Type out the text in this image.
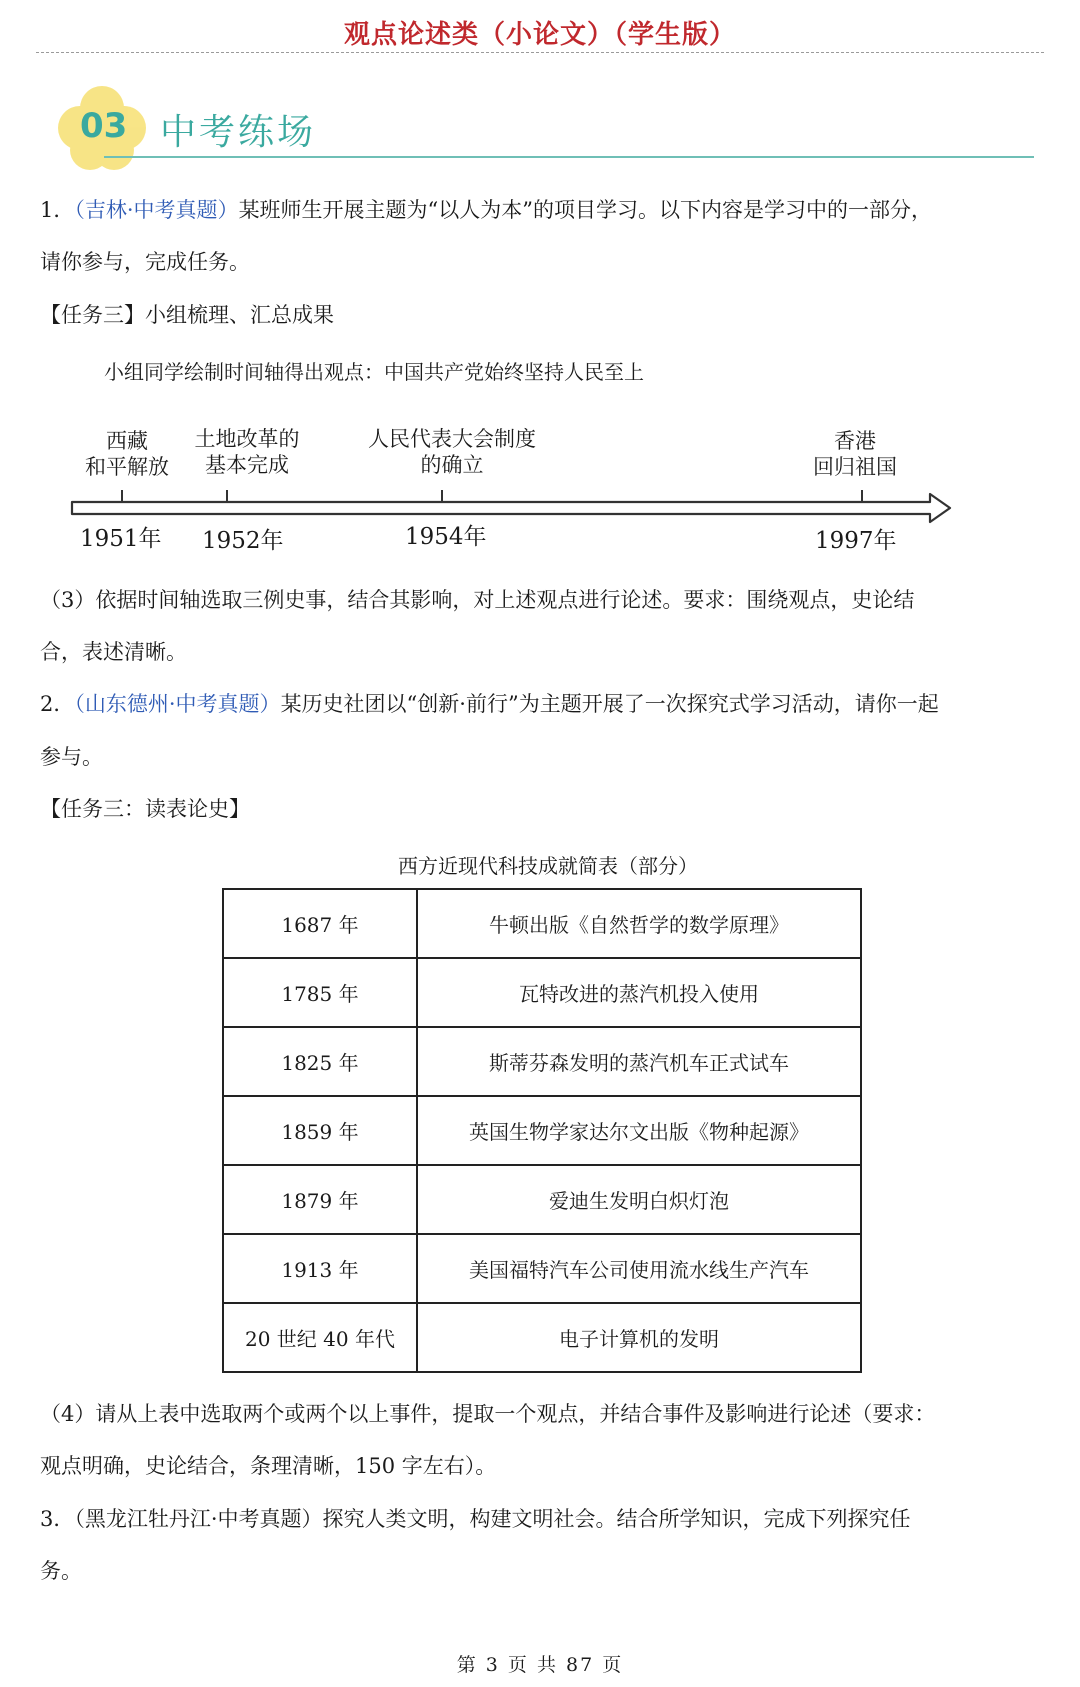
观点论述类（小论文）（学生版）
03 中考练场
1．（吉林·中考真题）某班师生开展主题为“以人为本”的项目学习。以下内容是学习中的一部分，
请你参与，完成任务。
【任务三】小组梳理、汇总成果
小组同学绘制时间轴得出观点：中国共产党始终坚持人民至上
西藏
和平解放
土地改革的
基本完成
人民代表大会制度
的确立
香港
回归祖国
1951年 1952年	1954年	1997年
（3）依据时间轴选取三例史事，结合其影响，对上述观点进行论述。要求：围绕观点，史论结
合，表述清晰。
2．（山东德州·中考真题）某历史社团以“创新·前行”为主题开展了一次探究式学习活动，请你一起
参与。
【任务三：读表论史】
西方近现代科技成就简表（部分）
1687 年	牛顿出版《自然哲学的数学原理》
1785 年	瓦特改进的蒸汽机投入使用
1825 年	斯蒂芬森发明的蒸汽机车正式试车
1859 年	英国生物学家达尔文出版《物种起源》
1879 年	爱迪生发明白炽灯泡
1913 年	美国福特汽车公司使用流水线生产汽车
20 世纪 40 年代	电子计算机的发明
（4）请从上表中选取两个或两个以上事件，提取一个观点，并结合事件及影响进行论述（要求：
观点明确，史论结合，条理清晰，150 字左右）。
3．（黑龙江牡丹江·中考真题）探究人类文明，构建文明社会。结合所学知识，完成下列探究任
务。
第 3 页 共 87 页
